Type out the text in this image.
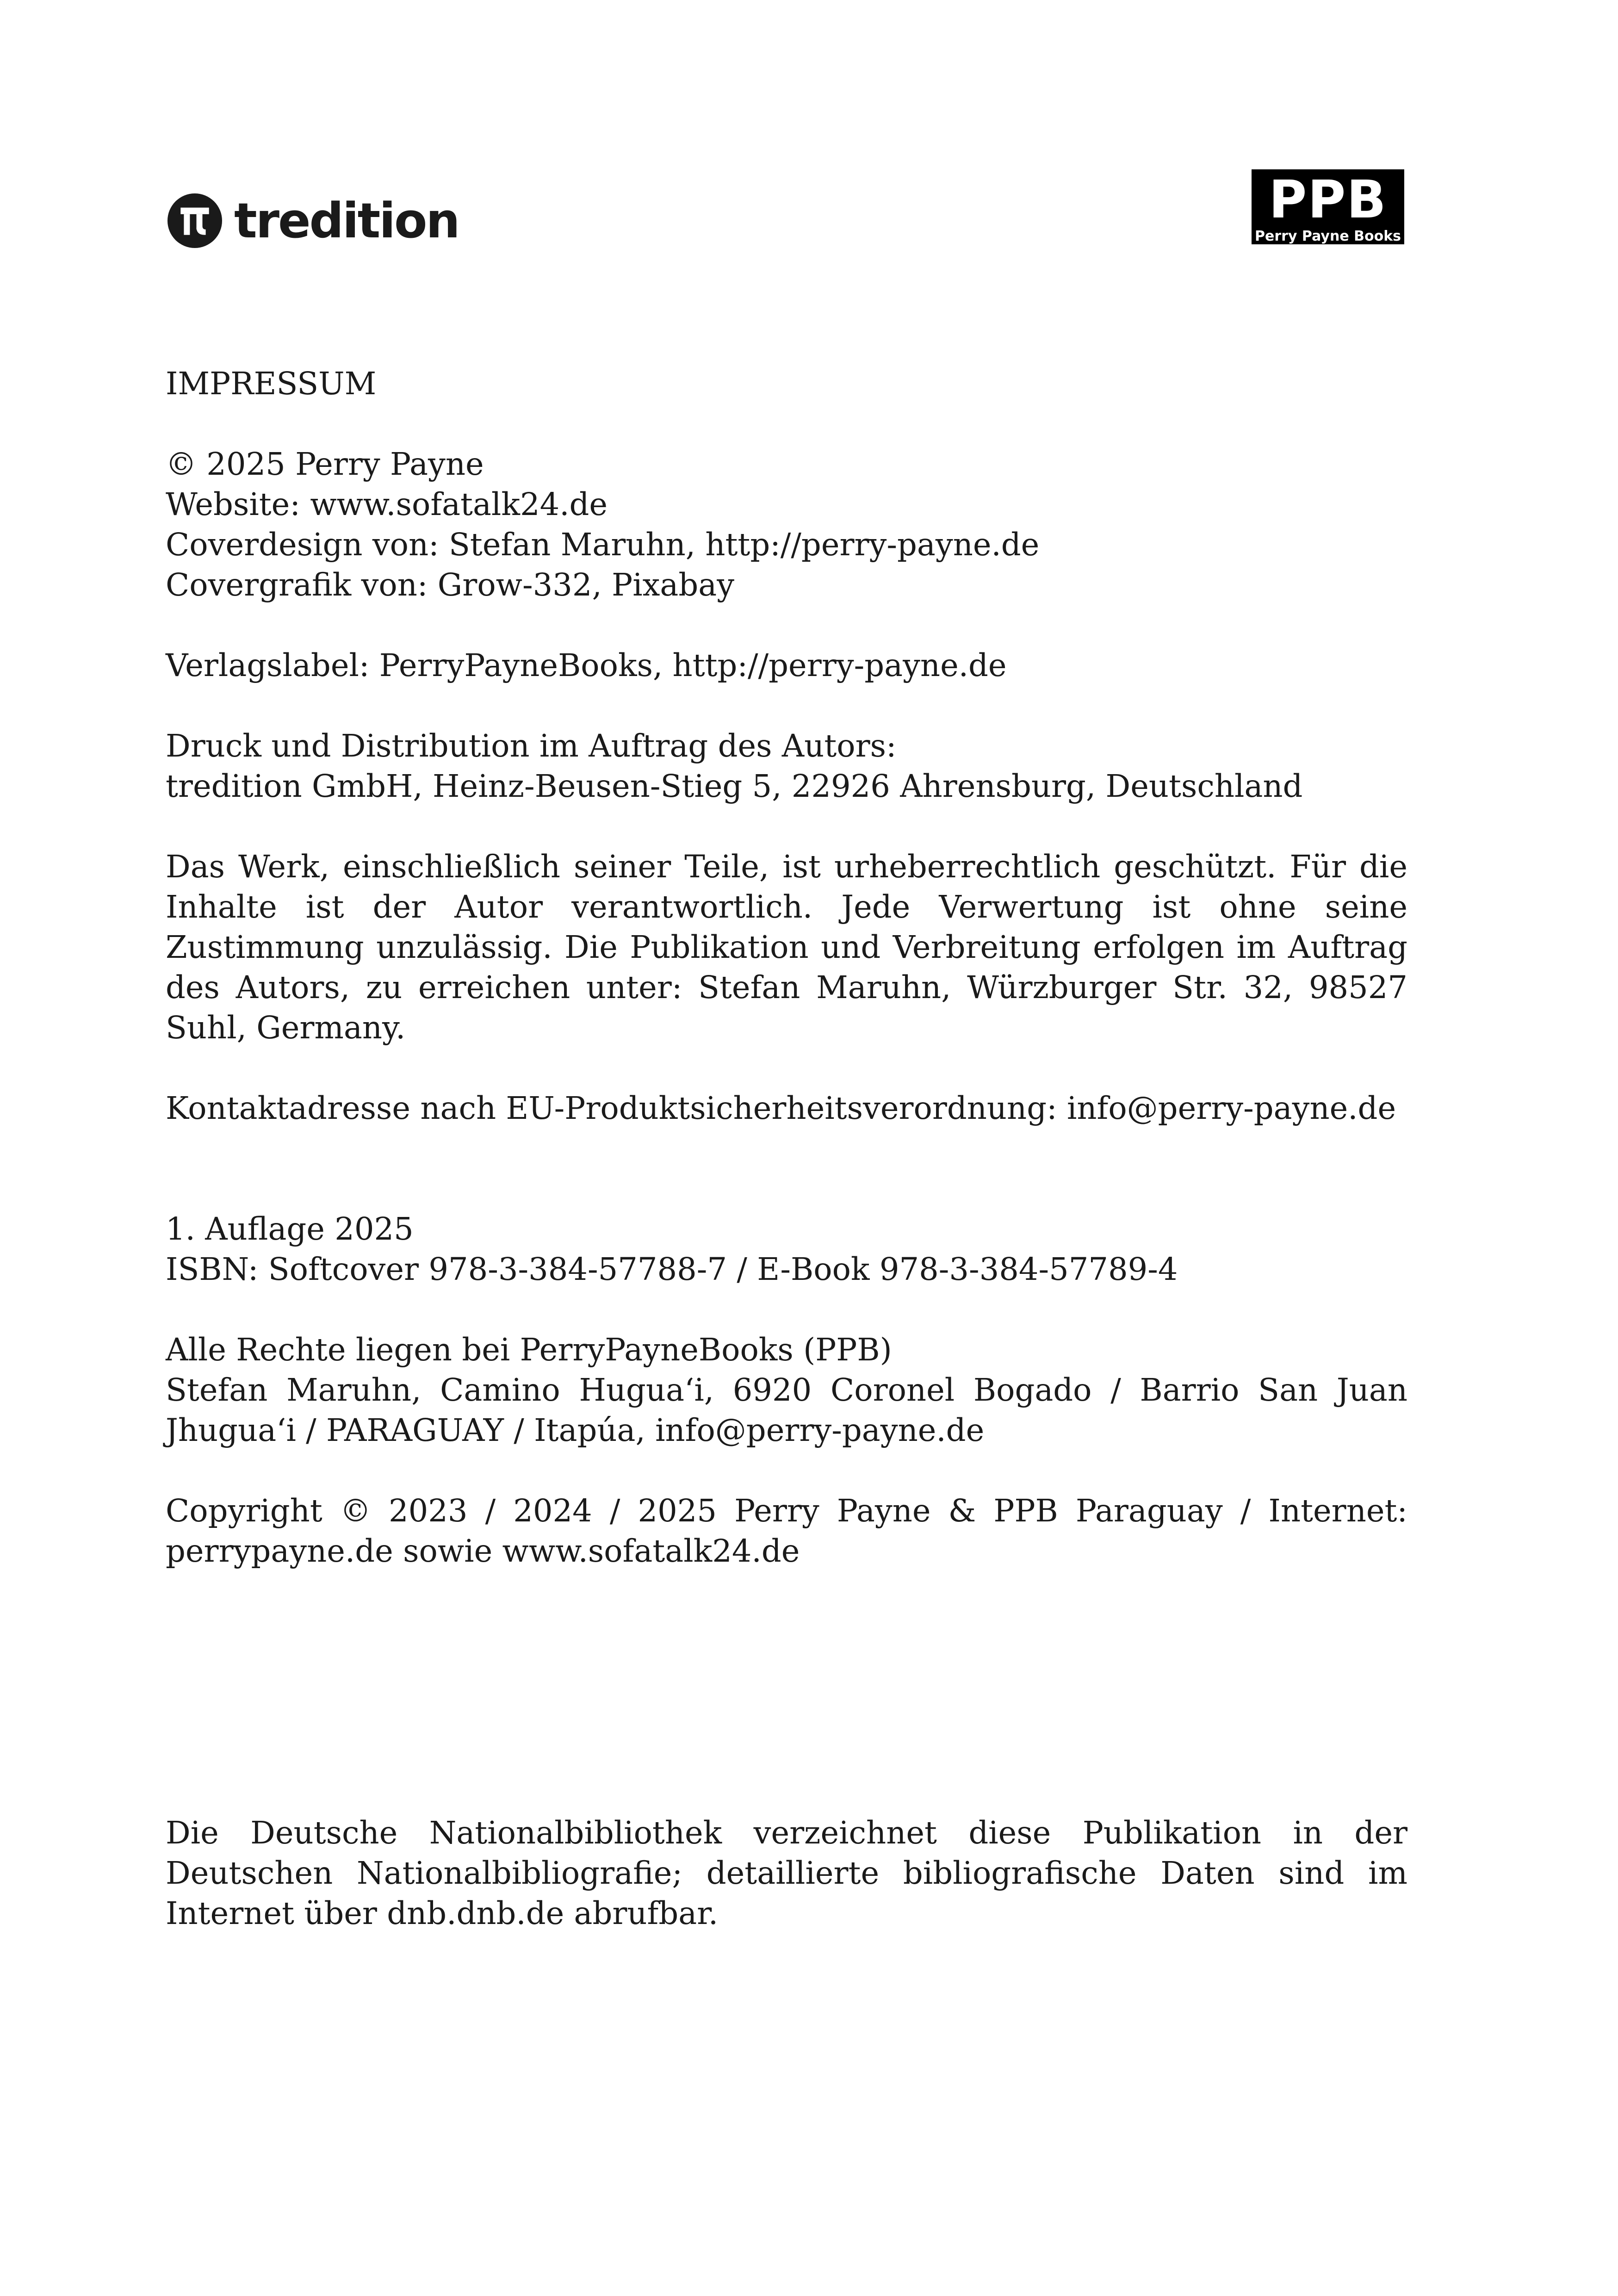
tredition	PPB
Perry Payne Books
IMPRESSUM
© 2025 Perry Payne
Website: www.sofatalk24.de
Coverdesign von: Stefan Maruhn, http://perry-payne.de
Covergrafik von: Grow-332, Pixabay
Verlagslabel: PerryPayneBooks, http://perry-payne.de
Druck und Distribution im Auftrag des Autors:
tredition GmbH, Heinz-Beusen-Stieg 5, 22926 Ahrensburg, Deutschland

Das Werk, einschließlich seiner Teile, ist urheberrechtlich geschützt. Für die Inhalte ist der Autor verantwortlich. Jede Verwertung ist ohne seine Zustimmung unzulässig. Die Publikation und Verbreitung erfolgen im Auftrag des Autors, zu erreichen unter: Stefan Maruhn, Würzburger Str. 32, 98527 Suhl, Germany.

Kontaktadresse nach EU-Produktsicherheitsverordnung: info@perry-payne.de
1. Auflage 2025
ISBN: Softcover 978-3-384-57788-7 / E-Book 978-3-384-57789-4
Alle Rechte liegen bei PerryPayneBooks (PPB)

Stefan Maruhn, Camino Hugua‘i, 6920 Coronel Bogado / Barrio San Juan Jhugua‘i / PARAGUAY / Itapúa, info@perry-payne.de

Copyright © 2023 / 2024 / 2025 Perry Payne & PPB Paraguay / Internet: perrypayne.de sowie www.sofatalk24.de

Die Deutsche Nationalbibliothek verzeichnet diese Publikation in der Deutschen Nationalbibliografie; detaillierte bibliografische Daten sind im Internet über dnb.dnb.de abrufbar.
